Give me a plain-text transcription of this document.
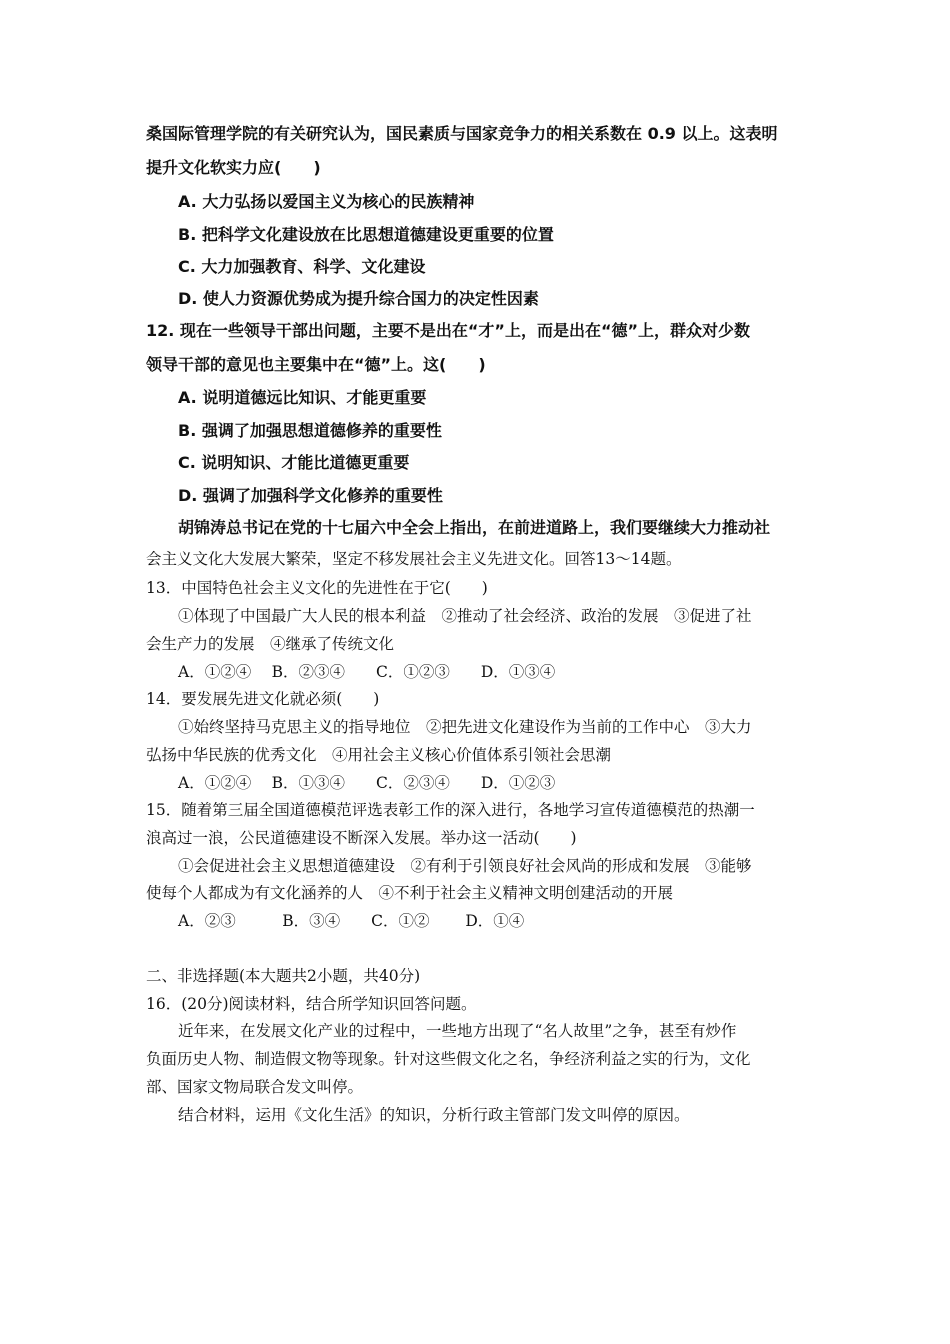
桑国际管理学院的有关研究认为，国民素质与国家竞争力的相关系数在 0.9 以上。这表明
提升文化软实力应(　　)
A. 大力弘扬以爱国主义为核心的民族精神
B. 把科学文化建设放在比思想道德建设更重要的位置
C. 大力加强教育、科学、文化建设
D. 使人力资源优势成为提升综合国力的决定性因素
12. 现在一些领导干部出问题，主要不是出在“才”上，而是出在“德”上，群众对少数
领导干部的意见也主要集中在“德”上。这(　　)
A. 说明道德远比知识、才能更重要
B. 强调了加强思想道德修养的重要性
C. 说明知识、才能比道德更重要
D. 强调了加强科学文化修养的重要性
胡锦涛总书记在党的十七届六中全会上指出，在前进道路上，我们要继续大力推动社
会主义文化大发展大繁荣，坚定不移发展社会主义先进文化。回答13～14题。
13．中国特色社会主义文化的先进性在于它(　　)
①体现了中国最广大人民的根本利益　②推动了社会经济、政治的发展　③促进了社
会生产力的发展　④继承了传统文化
A．①②④　 B．②③④　　C．①②③　　D．①③④
14．要发展先进文化就必须(　　)
①始终坚持马克思主义的指导地位　②把先进文化建设作为当前的工作中心　③大力
弘扬中华民族的优秀文化　④用社会主义核心价值体系引领社会思潮
A．①②④　 B．①③④　　C．②③④　　D．①②③
15．随着第三届全国道德模范评选表彰工作的深入进行，各地学习宣传道德模范的热潮一
浪高过一浪，公民道德建设不断深入发展。举办这一活动(　　)
①会促进社会主义思想道德建设　②有利于引领良好社会风尚的形成和发展　③能够
使每个人都成为有文化涵养的人　④不利于社会主义精神文明创建活动的开展
A．②③　　　B．③④　　C．①②　　 D．①④
二、非选择题(本大题共2小题，共40分)
16．(20分)阅读材料，结合所学知识回答问题。
近年来，在发展文化产业的过程中，一些地方出现了“名人故里”之争，甚至有炒作
负面历史人物、制造假文物等现象。针对这些假文化之名，争经济利益之实的行为，文化
部、国家文物局联合发文叫停。
结合材料，运用《文化生活》的知识，分析行政主管部门发文叫停的原因。
